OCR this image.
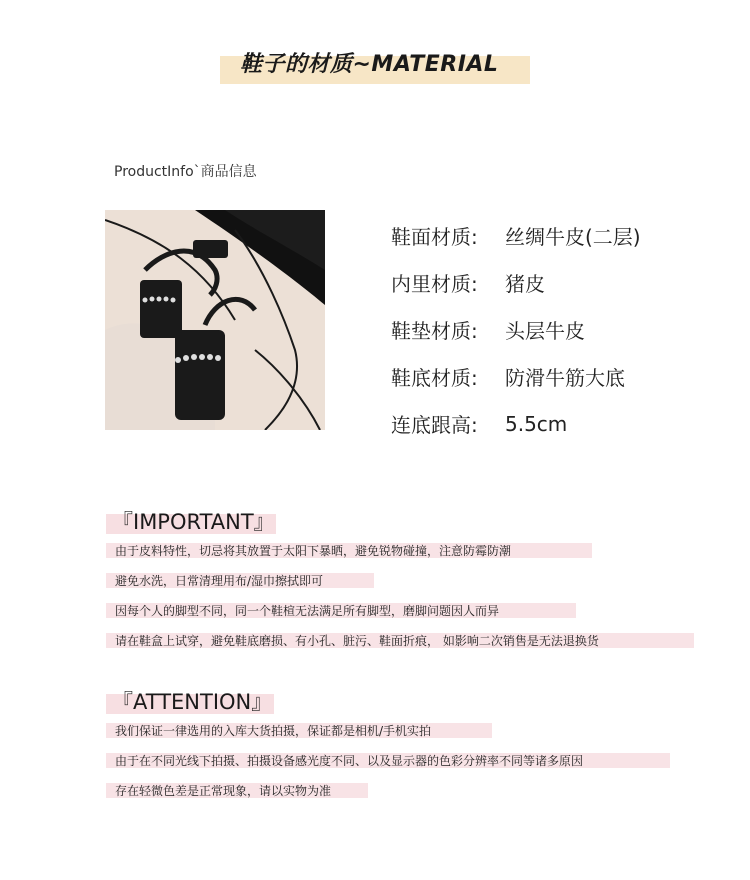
鞋子的材质~MATERIAL
ProductInfo`商品信息
鞋面材质:	丝绸牛皮(二层)
内里材质:	猪皮
鞋垫材质:	头层牛皮
鞋底材质:	防滑牛筋大底
连底跟高:	5.5cm
『IMPORTANT』
由于皮料特性，切忌将其放置于太阳下暴晒，避免锐物碰撞，注意防霉防潮
避免水洗，日常清理用布/湿巾擦拭即可
因每个人的脚型不同，同一个鞋楦无法满足所有脚型，磨脚问题因人而异
请在鞋盒上试穿，避免鞋底磨损、有小孔、脏污、鞋面折痕， 如影响二次销售是无法退换货
『ATTENTION』
我们保证一律选用的入库大货拍摄，保证都是相机/手机实拍
由于在不同光线下拍摄、拍摄设备感光度不同、以及显示器的色彩分辨率不同等诸多原因
存在轻微色差是正常现象，请以实物为准
